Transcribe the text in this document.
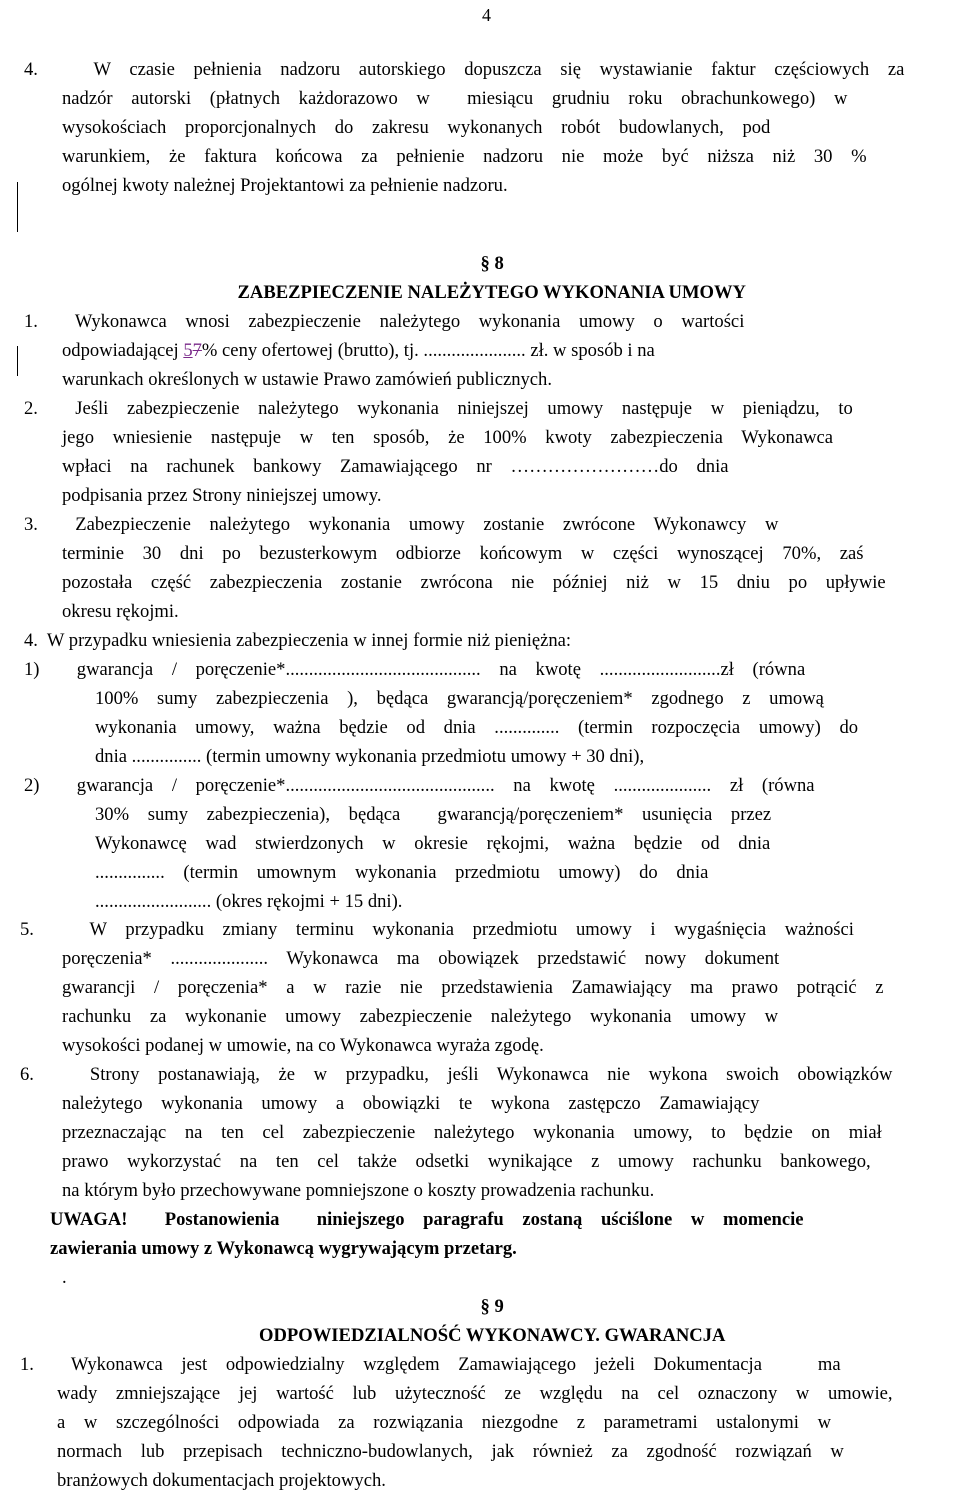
4
4.   W czasie pełnienia nadzoru autorskiego dopuszcza się wystawianie faktur częściowych za
nadzór autorski (płatnych każdorazowo w  miesiącu grudniu roku obrachunkowego) w
wysokościach proporcjonalnych do zakresu wykonanych robót budowlanych, pod
warunkiem, że faktura końcowa za pełnienie nadzoru nie może być niższa niż 30 %
ogólnej kwoty należnej Projektantowi za pełnienie nadzoru.
§ 8
ZABEZPIECZENIE NALEŻYTEGO WYKONANIA UMOWY
1.  Wykonawca wnosi zabezpieczenie należytego wykonania umowy o wartości
odpowiadającej 57% ceny ofertowej (brutto), tj. ...................... zł. w sposób i na
warunkach określonych w ustawie Prawo zamówień publicznych.
2.  Jeśli zabezpieczenie należytego wykonania niniejszej umowy następuje w pieniądzu, to
jego wniesienie następuje w ten sposób, że 100% kwoty zabezpieczenia Wykonawca
wpłaci na rachunek bankowy Zamawiającego nr ……………………do dnia
podpisania przez Strony niniejszej umowy.
3.  Zabezpieczenie należytego wykonania umowy zostanie zwrócone Wykonawcy w
terminie 30 dni po bezusterkowym odbiorze końcowym w części wynoszącej 70%, zaś
pozostała część zabezpieczenia zostanie zwrócona nie później niż w 15 dniu po upływie
okresu rękojmi.
4.  W przypadku wniesienia zabezpieczenia w innej formie niż pieniężna:
1)  gwarancja / poręczenie*.......................................... na kwotę ..........................zł (równa
100% sumy zabezpieczenia ), będąca gwarancją/poręczeniem* zgodnego z umową
wykonania umowy, ważna będzie od dnia .............. (termin rozpoczęcia umowy) do
dnia ............... (termin umowny wykonania przedmiotu umowy + 30 dni),
2)  gwarancja / poręczenie*............................................. na kwotę ..................... zł (równa
30% sumy zabezpieczenia), będąca  gwarancją/poręczeniem* usunięcia przez
Wykonawcę wad stwierdzonych w okresie rękojmi, ważna będzie od dnia
............... (termin umownym wykonania przedmiotu umowy) do dnia
......................... (okres rękojmi + 15 dni).
5.   W przypadku zmiany terminu wykonania przedmiotu umowy i wygaśnięcia ważności
poręczenia* ..................... Wykonawca ma obowiązek przedstawić nowy dokument
gwarancji / poręczenia* a w razie nie przedstawienia Zamawiający ma prawo potrącić z
rachunku za wykonanie umowy zabezpieczenie należytego wykonania umowy w
wysokości podanej w umowie, na co Wykonawca wyraża zgodę.
6.   Strony postanawiają, że w przypadku, jeśli Wykonawca nie wykona swoich obowiązków
należytego wykonania umowy a obowiązki te wykona zastępczo Zamawiający
przeznaczając na ten cel zabezpieczenie należytego wykonania umowy, to będzie on miał
prawo wykorzystać na ten cel także odsetki wynikające z umowy rachunku bankowego,
na którym było przechowywane pomniejszone o koszty prowadzenia rachunku.
UWAGA!  Postanowienia  niniejszego paragrafu zostaną uściślone w momencie
zawierania umowy z Wykonawcą wygrywającym przetarg.
.
§ 9
ODPOWIEDZIALNOŚĆ WYKONAWCY. GWARANCJA
1.  Wykonawca jest odpowiedzialny względem Zamawiającego jeżeli Dokumentacja   ma
wady zmniejszające jej wartość lub użyteczność ze względu na cel oznaczony w umowie,
a w szczególności odpowiada za rozwiązania niezgodne z parametrami ustalonymi w
normach lub przepisach techniczno-budowlanych, jak również za zgodność rozwiązań w
branżowych dokumentacjach projektowych.
